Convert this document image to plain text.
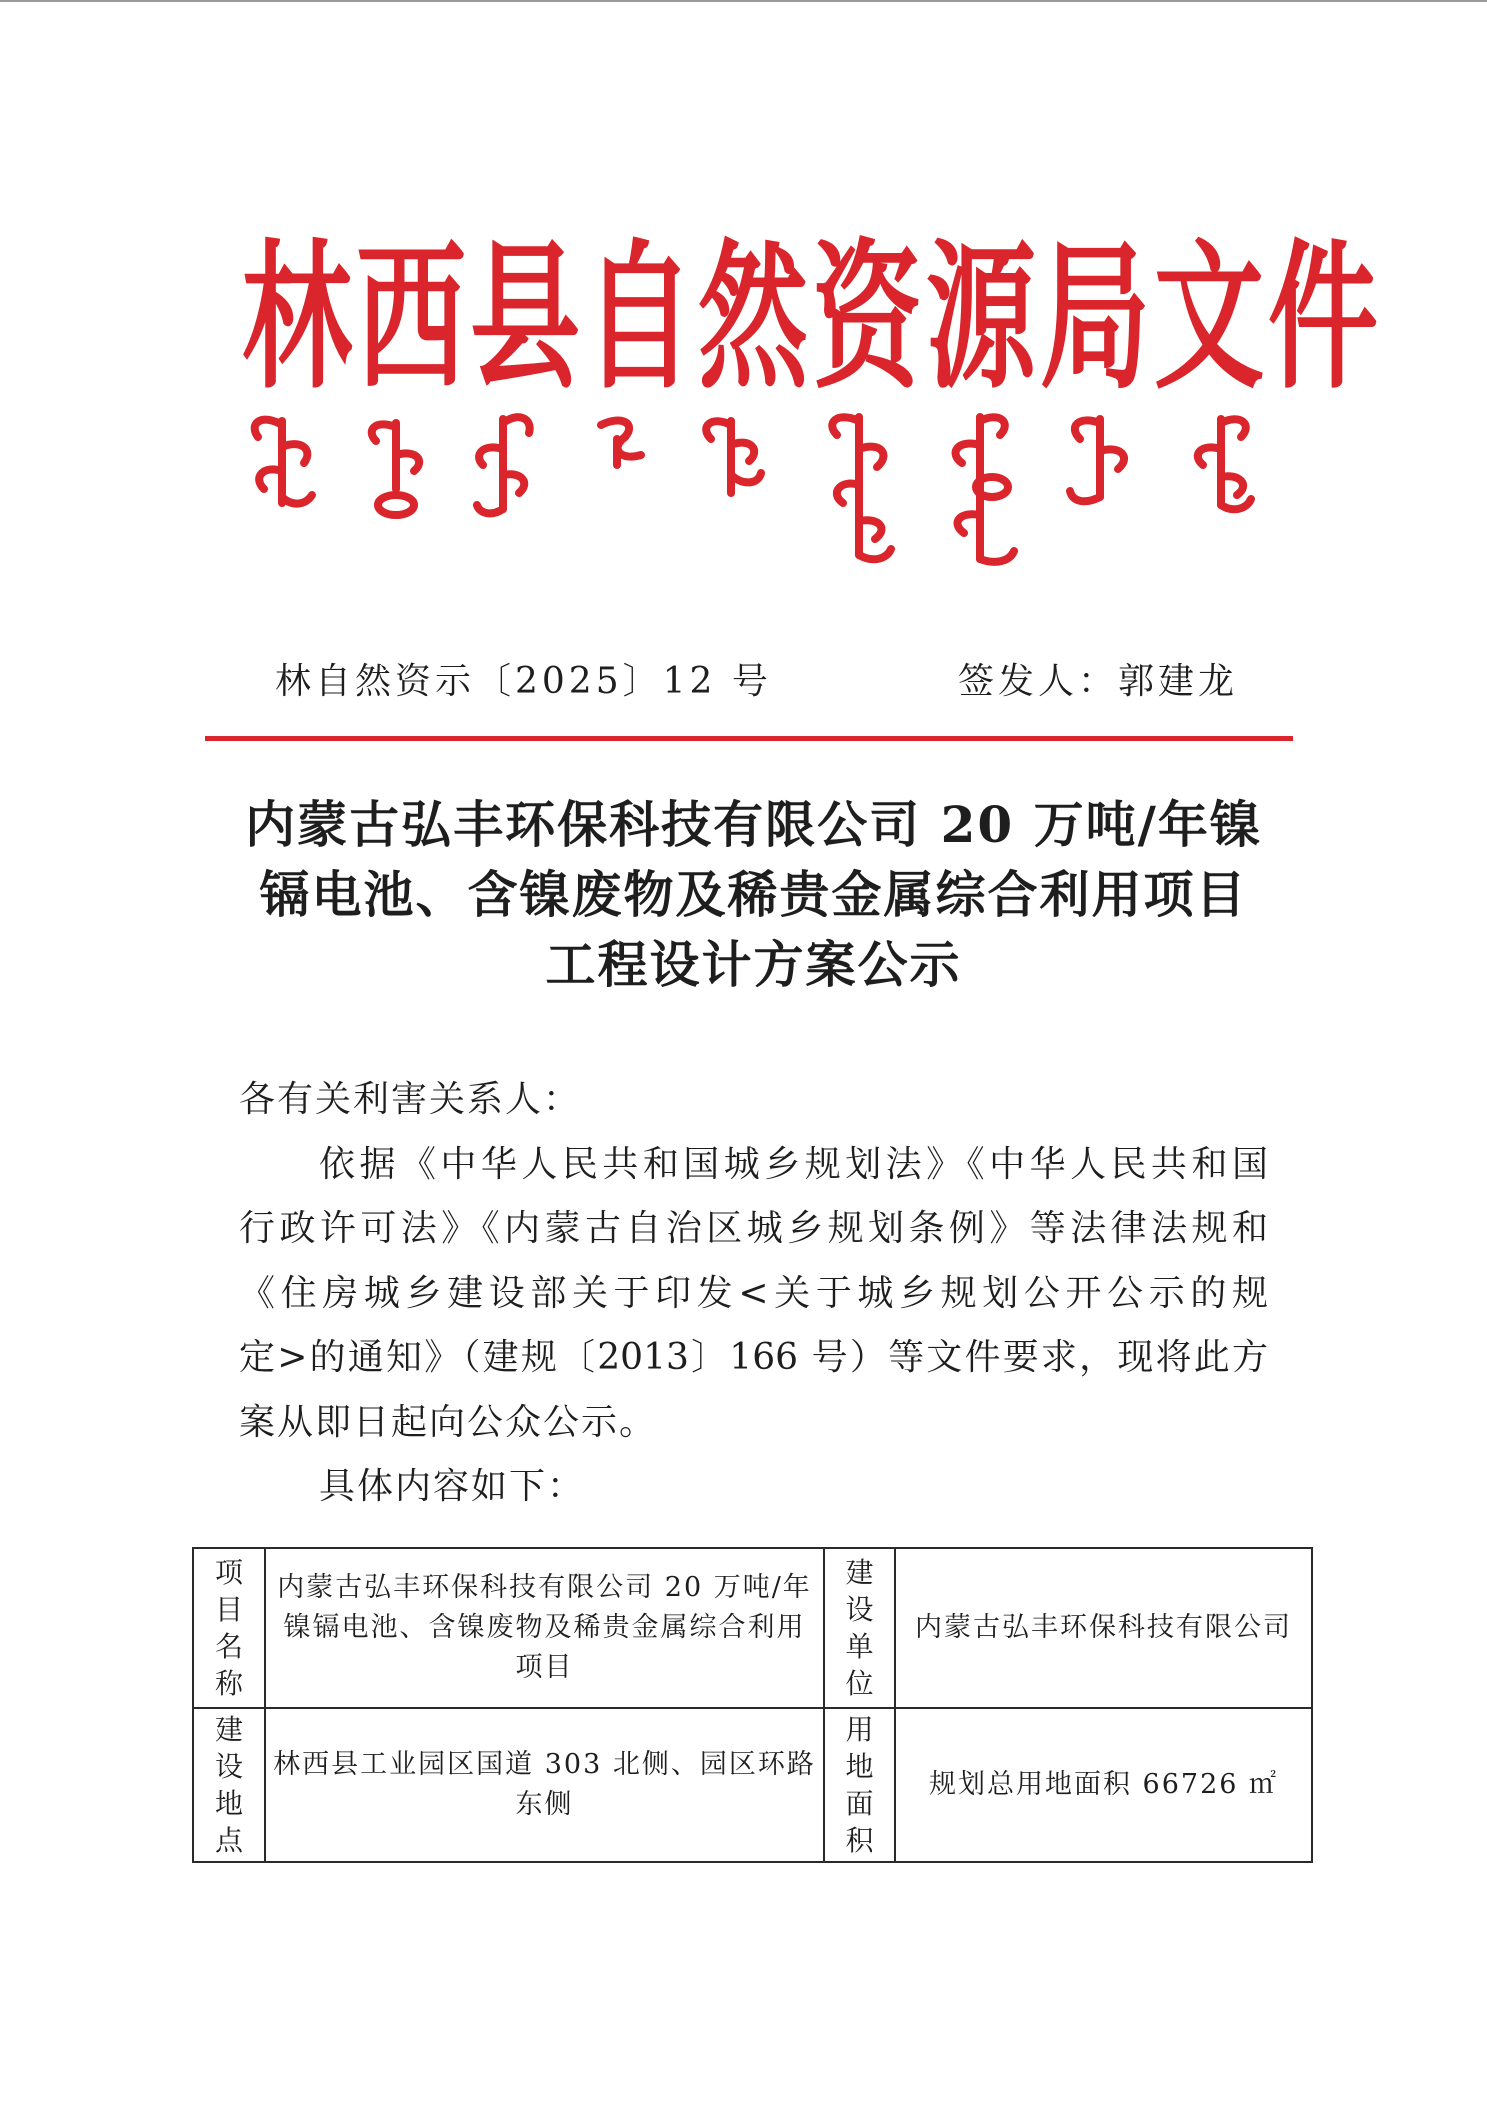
林西县自然资源局文件
林自然资示〔2025〕12 号	签发人：郭建龙
内蒙古弘丰环保科技有限公司 20 万吨/年镍
镉电池、含镍废物及稀贵金属综合利用项目
工程设计方案公示
各有关利害关系人：
依据《中华人民共和国城乡规划法》《中华人民共和国
行政许可法》《内蒙古自治区城乡规划条例》等法律法规和
《住房城乡建设部关于印发<关于城乡规划公开公示的规
定>的通知》（建规〔2013〕166 号）等文件要求，现将此方
案从即日起向公众公示。
具体内容如下：
项目名称	内蒙古弘丰环保科技有限公司 20 万吨/年
镍镉电池、含镍废物及稀贵金属综合利用
项目	建设单位	内蒙古弘丰环保科技有限公司

建设地点	林西县工业园区国道 303 北侧、园区环路
东侧	用地面积	规划总用地面积 66726 ㎡
